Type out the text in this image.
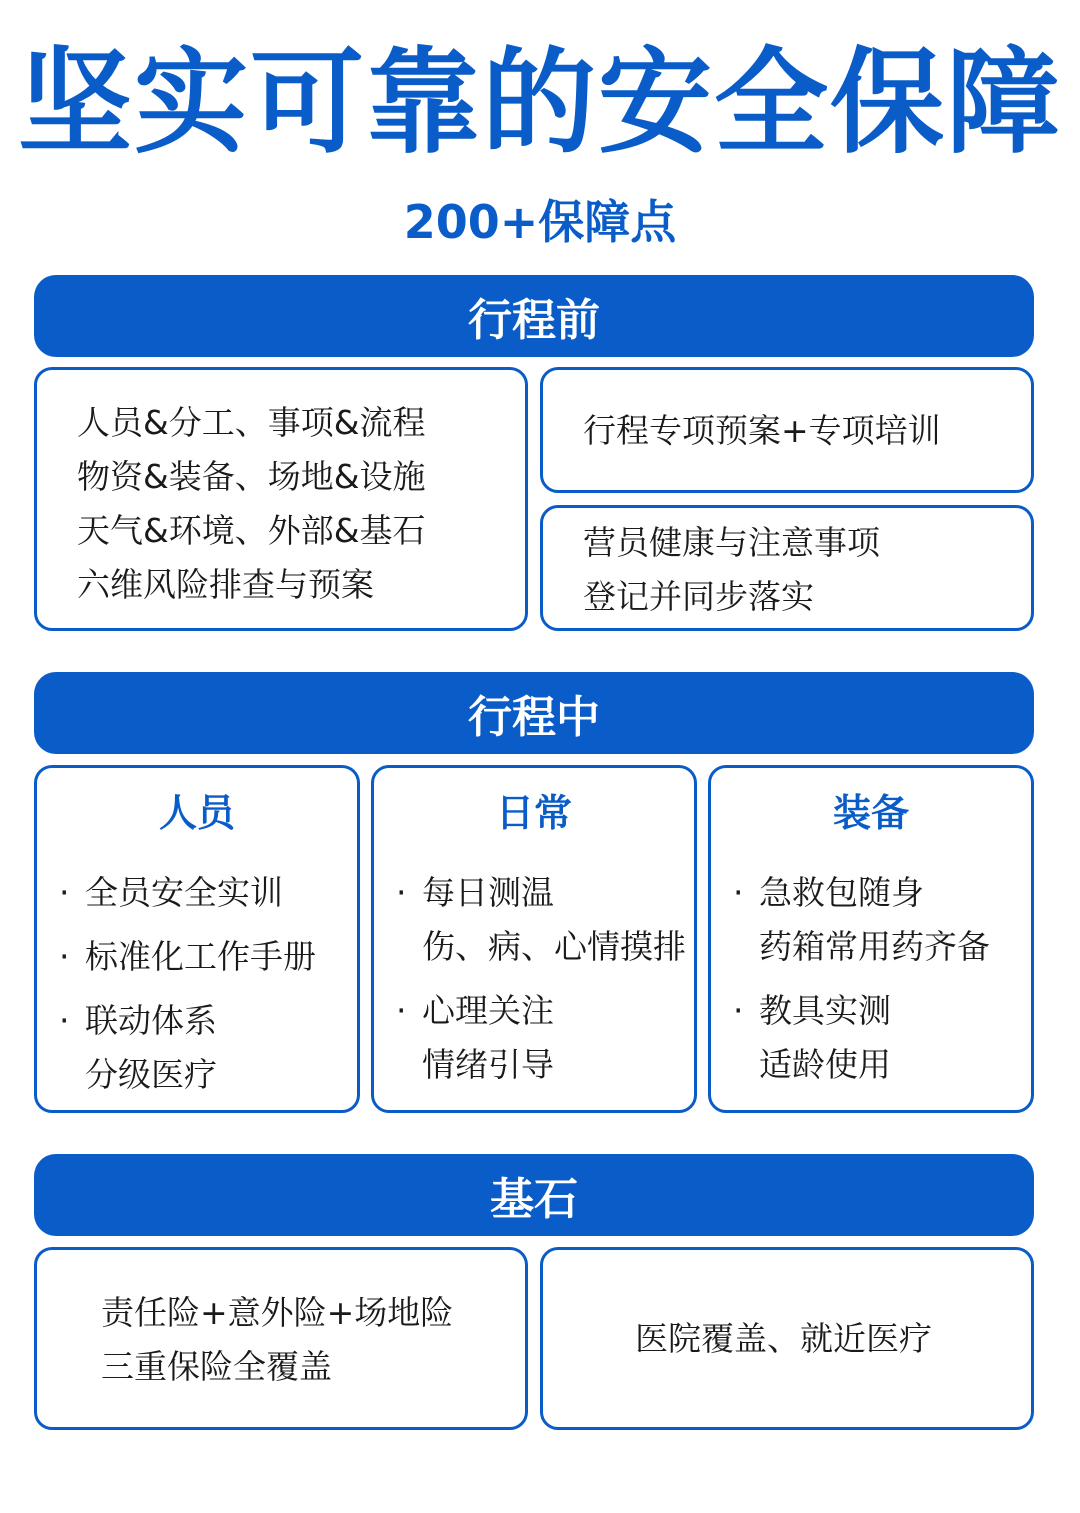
坚实可靠的安全保障
200+保障点
行程前
人员&分工、事项&流程
物资&装备、场地&设施
天气&环境、外部&基石
六维风险排查与预案
行程专项预案+专项培训
营员健康与注意事项
登记并同步落实
行程中
人员
· 全员安全实训
· 标准化工作手册
· 联动体系
分级医疗
日常
· 每日测温
伤、病、心情摸排
· 心理关注
情绪引导
装备
· 急救包随身
药箱常用药齐备
· 教具实测
适龄使用
基石
责任险+意外险+场地险
三重保险全覆盖
医院覆盖、就近医疗
